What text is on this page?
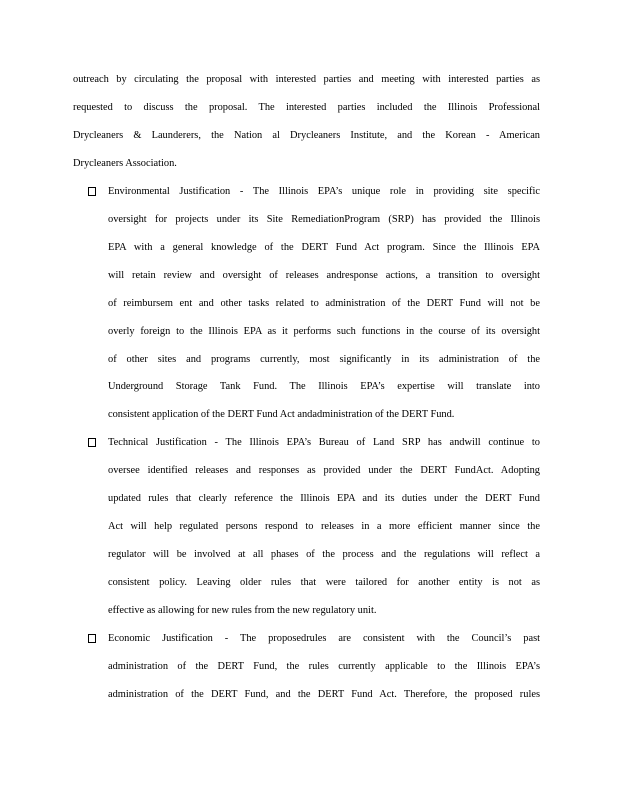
outreach by circulating the proposal with interested parties and meeting with interested parties as
requested to discuss the proposal. The interested parties included the Illinois Professional
Drycleaners & Launderers, the Nation al Drycleaners Institute, and the Korean - American
Drycleaners Association.
Environmental Justification - The Illinois EPA’s unique role in providing site specific
oversight for projects under its Site RemediationProgram (SRP) has provided the Illinois
EPA with a general knowledge of the DERT Fund Act program. Since the Illinois EPA
will retain review and oversight of releases andresponse actions, a transition to oversight
of reimbursem ent and other tasks related to administration of the DERT Fund will not be
overly foreign to the Illinois EPA as it performs such functions in the course of its oversight
of other sites and programs currently, most significantly in its administration of the
Underground Storage Tank Fund. The Illinois EPA’s expertise will translate into
consistent application of the DERT Fund Act andadministration of the DERT Fund.
Technical Justification - The Illinois EPA’s Bureau of Land SRP has andwill continue to
oversee identified releases and responses as provided under the DERT FundAct. Adopting
updated rules that clearly reference the Illinois EPA and its duties under the DERT Fund
Act will help regulated persons respond to releases in a more efficient manner since the
regulator will be involved at all phases of the process and the regulations will reflect a
consistent policy. Leaving older rules that were tailored for another entity is not as
effective as allowing for new rules from the new regulatory unit.
Economic Justification - The proposedrules are consistent with the Council’s past
administration of the DERT Fund, the rules currently applicable to the Illinois EPA’s
administration of the DERT Fund, and the DERT Fund Act. Therefore, the proposed rules
